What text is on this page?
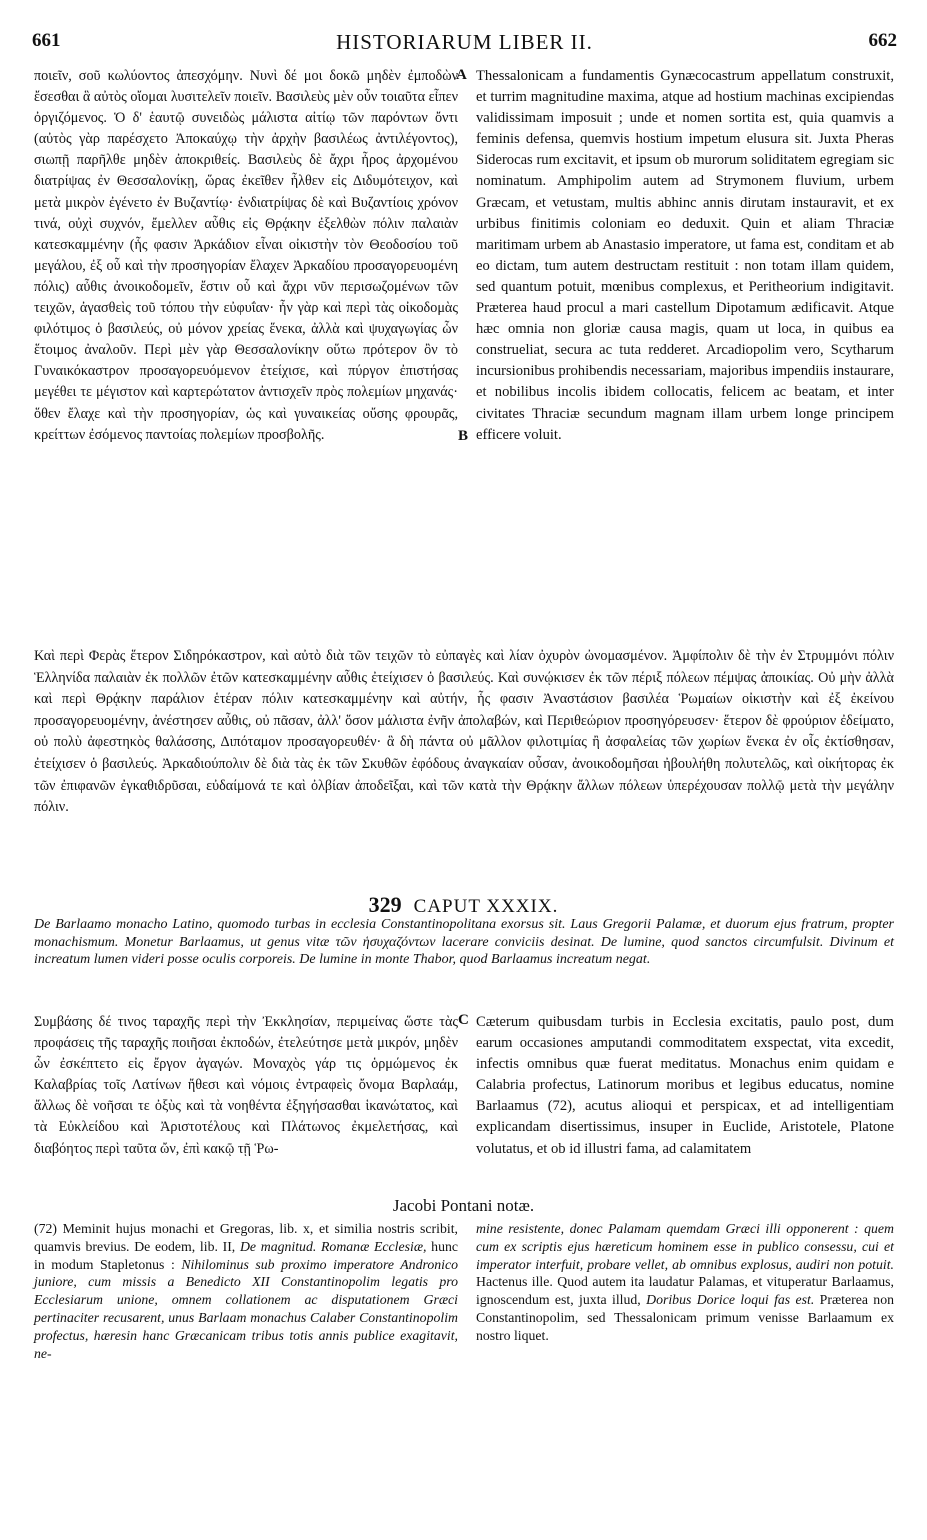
661	HISTORIARUM LIBER II.	662

ποιεῖν, σοῦ κωλύοντος ἀπεσχόμην. Νυνὶ δέ μοι δοκῶ μηδὲν ἐμποδὼν ἔσεσθαι ἃ αὐτὸς οἴομαι λυσιτελεῖν ποιεῖν. Βασιλεὺς μὲν οὖν τοιαῦτα εἶπεν ὀργιζόμενος. Ὁ δ' ἑαυτῷ συνειδὼς μάλιστα αἰτίῳ τῶν παρόντων ὄντι (αὐτὸς γὰρ παρέσχετο Ἀποκαύχῳ τὴν ἀρχὴν βασιλέως ἀντιλέγοντος), σιωπῇ παρῆλθε μηδὲν ἀποκριθείς. Βασιλεὺς δὲ ἄχρι ἦρος ἀρχομένου διατρίψας ἐν Θεσσαλονίκῃ, ὥρας ἐκεῖθεν ἦλθεν εἰς Διδυμότειχον, καὶ μετὰ μικρὸν ἐγένετο ἐν Βυζαντίῳ· ἐνδιατρίψας δὲ καὶ Βυζαντίοις χρόνον τινά, οὐχὶ συχνόν, ἔμελλεν αὖθις εἰς Θρᾴκην ἐξελθὼν πόλιν παλαιὰν κατεσκαμμένην (ἧς φασιν Ἀρκάδιον εἶναι οἰκιστὴν τὸν Θεοδοσίου τοῦ μεγάλου, ἐξ οὗ καὶ τὴν προσηγορίαν ἔλαχεν Ἀρκαδίου προσαγορευομένη πόλις) αὖθις ἀνοικοδομεῖν, ἔστιν οὗ καὶ ἄχρι νῦν περισωζομένων τῶν τειχῶν, ἀγασθεὶς τοῦ τόπου τὴν εὐφυΐαν· ἦν γὰρ καὶ περὶ τὰς οἰκοδομὰς φιλότιμος ὁ βασιλεύς, οὐ μόνον χρείας ἕνεκα, ἀλλὰ καὶ ψυχαγωγίας ὧν ἕτοιμος ἀναλοῦν. Περὶ μὲν γὰρ Θεσσαλονίκην οὕτω πρότερον ὂν τὸ Γυναικόκαστρον προσαγορευόμενον ἐτείχισε, καὶ πύργον ἐπιστήσας μεγέθει τε μέγιστον καὶ καρτερώτατον ἀντισχεῖν πρὸς πολεμίων μηχανάς· ὅθεν ἔλαχε καὶ τὴν προσηγορίαν, ὡς καὶ γυναικείας οὔσης φρουρᾶς, κρείττων ἐσόμενος παντοίας πολεμίων προσβολῆς.

A Thessalonicam a fundamentis Gynæcocastrum appellatum construxit, et turrim magnitudine maxima, atque ad hostium machinas excipiendas validissimam imposuit ; unde et nomen sortita est, quia quamvis a feminis defensa, quemvis hostium impetum elusura sit. Juxta Pheras Siderocas rum excitavit, et ipsum ob murorum soliditatem egregiam sic nominatum. Amphipolim autem ad Strymonem fluvium, urbem Græcam, et vetustam, multis abhinc annis dirutam instauravit, et ex urbibus finitimis coloniam eo deduxit. Quin et aliam Thraciæ maritimam urbem ab Anastasio imperatore, ut fama est, conditam et ab eo dictam, tum autem destructam restituit : non totam illam quidem, sed quantum potuit, mœnibus complexus, et Peritheorium indigitavit. Præterea haud procul a mari castellum Dipotamum ædificavit. Atque hæc omnia non gloriæ causa magis, quam ut loca, in quibus ea construeliat, secura ac tuta redderet. Arcadiopolim vero, Scytharum incursionibus prohibendis necessariam, majoribus impendiis instaurare, et nobilibus incolis ibidem collocatis, felicem ac beatam, et inter civitates Thraciæ secundum magnam illam urbem longe principem efficere voluit.

B

Καὶ περὶ Φερὰς ἕτερον Σιδηρόκαστρον, καὶ αὐτὸ διὰ τῶν τειχῶν τὸ εὐπαγὲς καὶ λίαν ὀχυρὸν ὠνομασμένον. Ἀμφίπολιν δὲ τὴν ἐν Στρυμμόνι πόλιν Ἑλληνίδα παλαιὰν ἐκ πολλῶν ἐτῶν κατεσκαμμένην αὖθις ἐτείχισεν ὁ βασιλεύς. Καὶ συνῴκισεν ἐκ τῶν πέριξ πόλεων πέμψας ἀποικίας. Οὐ μὴν ἀλλὰ καὶ περὶ Θρᾴκην παράλιον ἑτέραν πόλιν κατεσκαμμένην καὶ αὐτήν, ἧς φασιν Ἀναστάσιον βασιλέα Ῥωμαίων οἰκιστὴν καὶ ἐξ ἐκείνου προσαγορευομένην, ἀνέστησεν αὖθις, οὐ πᾶσαν, ἀλλ' ὅσον μάλιστα ἐνῆν ἀπολαβών, καὶ Περιθεώριον προσηγόρευσεν· ἕτερον δὲ φρούριον ἐδείματο, οὐ πολὺ ἀφεστηκὸς θαλάσσης, Διπόταμον προσαγορευθέν· ἃ δὴ πάντα οὐ μᾶλλον φιλοτιμίας ἢ ἀσφαλείας τῶν χωρίων ἕνεκα ἐν οἷς ἐκτίσθησαν, ἐτείχισεν ὁ βασιλεύς. Ἀρκαδιούπολιν δὲ διὰ τὰς ἐκ τῶν Σκυθῶν ἐφόδους ἀναγκαίαν οὖσαν, ἀνοικοδομῆσαι ἠβουλήθη πολυτελῶς, καὶ οἰκήτορας ἐκ τῶν ἐπιφανῶν ἐγκαθιδρῦσαι, εὐδαίμονά τε καὶ ὀλβίαν ἀποδεῖξαι, καὶ τῶν κατὰ τὴν Θρᾴκην ἄλλων πόλεων ὑπερέχουσαν πολλῷ μετὰ τὴν μεγάλην πόλιν.

329 CAPUT XXXIX.

De Barlaamo monacho Latino, quomodo turbas in ecclesia Constantinopolitana exorsus sit. Laus Gregorii Palamæ, et duorum ejus fratrum, propter monachismum. Monetur Barlaamus, ut genus vitæ τῶν ἡσυχαζόντων lacerare conviciis desinat. De lumine, quod sanctos circumfulsit. Divinum et increatum lumen videri posse oculis corporeis. De lumine in monte Thabor, quod Barlaamus increatum negat.

Συμβάσης δέ τινος ταραχῆς περὶ τὴν Ἐκκλησίαν, περιμείνας ὥστε τὰς προφάσεις τῆς ταραχῆς ποιῆσαι ἐκποδών, ἐτελεύτησε μετὰ μικρόν, μηδὲν ὧν ἐσκέπτετο εἰς ἔργον ἀγαγών. Μοναχὸς γάρ τις ὁρμώμενος ἐκ Καλαβρίας τοῖς Λατίνων ἤθεσι καὶ νόμοις ἐντραφεὶς ὄνομα Βαρλαάμ, ἄλλως δὲ νοῆσαι τε ὀξὺς καὶ τὰ νοηθέντα ἐξηγήσασθαι ἱκανώτατος, καὶ τὰ Εὐκλείδου καὶ Ἀριστοτέλους καὶ Πλάτωνος ἐκμελετήσας, καὶ διαβόητος περὶ ταῦτα ὤν, ἐπὶ κακῷ τῇ Ῥω-

C Cæterum quibusdam turbis in Ecclesia excitatis, paulo post, dum earum occasiones amputandi commoditatem exspectat, vita excedit, infectis omnibus quæ fuerat meditatus. Monachus enim quidam e Calabria profectus, Latinorum moribus et legibus educatus, nomine Barlaamus (72), acutus alioqui et perspicax, et ad intelligentiam explicandam disertissimus, insuper in Euclide, Aristotele, Platone volutatus, et ob id illustri fama, ad calamitatem

Jacobi Pontani notæ.

(72) Meminit hujus monachi et Gregoras, lib. x, et similia nostris scribit, quamvis brevius. De eodem, lib. II, De magnitud. Romanæ Ecclesiæ, hunc in modum Stapletonus : Nihilominus sub proximo imperatore Andronico juniore, cum missis a Benedicto XII Constantinopolim legatis pro Ecclesiarum unione, omnem collationem ac disputationem Græci pertinaciter recusarent, unus Barlaam monachus Calaber Constantinopolim profectus, hæresin hanc Græcanicam tribus totis annis publice exagitavit, ne-

mine resistente, donec Palamam quemdam Græci illi opponerent : quem cum ex scriptis ejus hæreticum hominem esse in publico consessu, cui et imperator interfuit, probare vellet, ab omnibus explosus, audiri non potuit. Hactenus ille. Quod autem ita laudatur Palamas, et vituperatur Barlaamus, ignoscendum est, juxta illud, Doribus Dorice loqui fas est. Præterea non Constantinopolim, sed Thessalonicam primum venisse Barlaamum ex nostro liquet.
